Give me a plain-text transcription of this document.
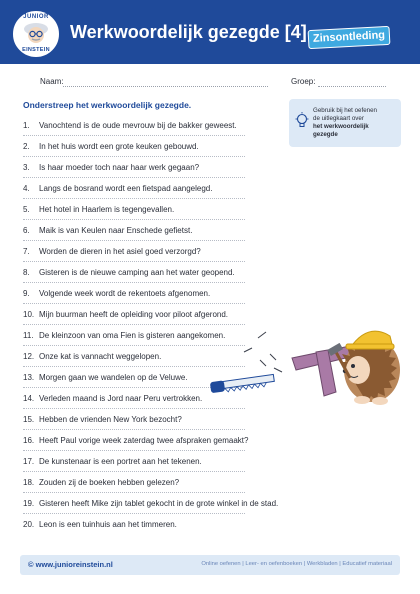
JUNIOR
EINSTEIN
Werkwoordelijk gezegde [4] Zinsontleding
Naam:	Groep:
Onderstreep het werkwoordelijk gezegde.
Gebruik bij het oefenen
de uitlegkaart over
het werkwoordelijk
gezegde
1. Vanochtend is de oude mevrouw bij de bakker geweest.
2. In het huis wordt een grote keuken gebouwd.
3. Is haar moeder toch naar haar werk gegaan?
4. Langs de bosrand wordt een fietspad aangelegd.
5. Het hotel in Haarlem is tegengevallen.
6. Maik is van Keulen naar Enschede gefietst.
7. Worden de dieren in het asiel goed verzorgd?
8. Gisteren is de nieuwe camping aan het water geopend.
9. Volgende week wordt de rekentoets afgenomen.
10. Mijn buurman heeft de opleiding voor piloot afgerond.
11. De kleinzoon van oma Fien is gisteren aangekomen.
12. Onze kat is vannacht weggelopen.
13. Morgen gaan we wandelen op de Veluwe.
14. Verleden maand is Jord naar Peru vertrokken.
15. Hebben de vrienden New York bezocht?
16. Heeft Paul vorige week zaterdag twee afspraken gemaakt?
17. De kunstenaar is een portret aan het tekenen.
18. Zouden zij de boeken hebben gelezen?
19. Gisteren heeft Mike zijn tablet gekocht in de grote winkel in de stad.
20. Leon is een tuinhuis aan het timmeren.
© www.junioreinstein.nl	Online oefenen | Leer- en oefenboeken | Werkbladen | Educatief materiaal
